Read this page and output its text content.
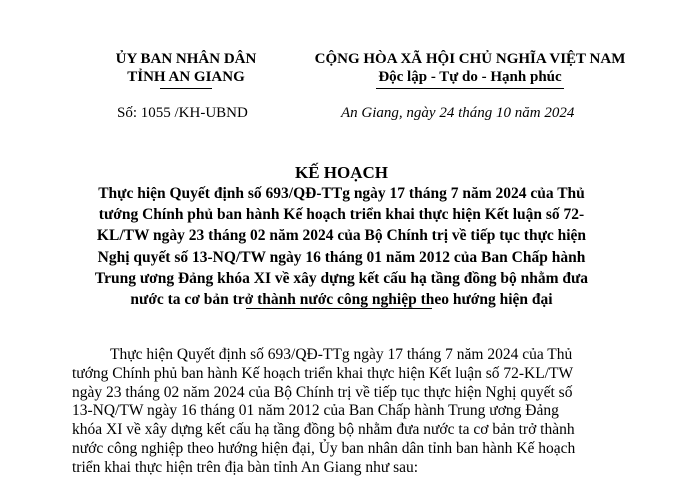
ỦY BAN NHÂN DÂN
TỈNH AN GIANG
Số: 1055 /KH-UBND
CỘNG HÒA XÃ HỘI CHỦ NGHĨA VIỆT NAM
Độc lập - Tự do - Hạnh phúc
An Giang, ngày 24 tháng 10 năm 2024
KẾ HOẠCH
Thực hiện Quyết định số 693/QĐ-TTg ngày 17 tháng 7 năm 2024 của Thủ
tướng Chính phủ ban hành Kế hoạch triển khai thực hiện Kết luận số 72-
KL/TW ngày 23 tháng 02 năm 2024 của Bộ Chính trị về tiếp tục thực hiện
Nghị quyết số 13-NQ/TW ngày 16 tháng 01 năm 2012 của Ban Chấp hành
Trung ương Đảng khóa XI về xây dựng kết cấu hạ tầng đồng bộ nhằm đưa
nước ta cơ bản trở thành nước công nghiệp theo hướng hiện đại
Thực hiện Quyết định số 693/QĐ-TTg ngày 17 tháng 7 năm 2024 của Thủ
tướng Chính phủ ban hành Kế hoạch triển khai thực hiện Kết luận số 72-KL/TW
ngày 23 tháng 02 năm 2024 của Bộ Chính trị về tiếp tục thực hiện Nghị quyết số
13-NQ/TW ngày 16 tháng 01 năm 2012 của Ban Chấp hành Trung ương Đảng
khóa XI về xây dựng kết cấu hạ tầng đồng bộ nhằm đưa nước ta cơ bản trở thành
nước công nghiệp theo hướng hiện đại, Ủy ban nhân dân tỉnh ban hành Kế hoạch
triển khai thực hiện trên địa bàn tỉnh An Giang như sau:
